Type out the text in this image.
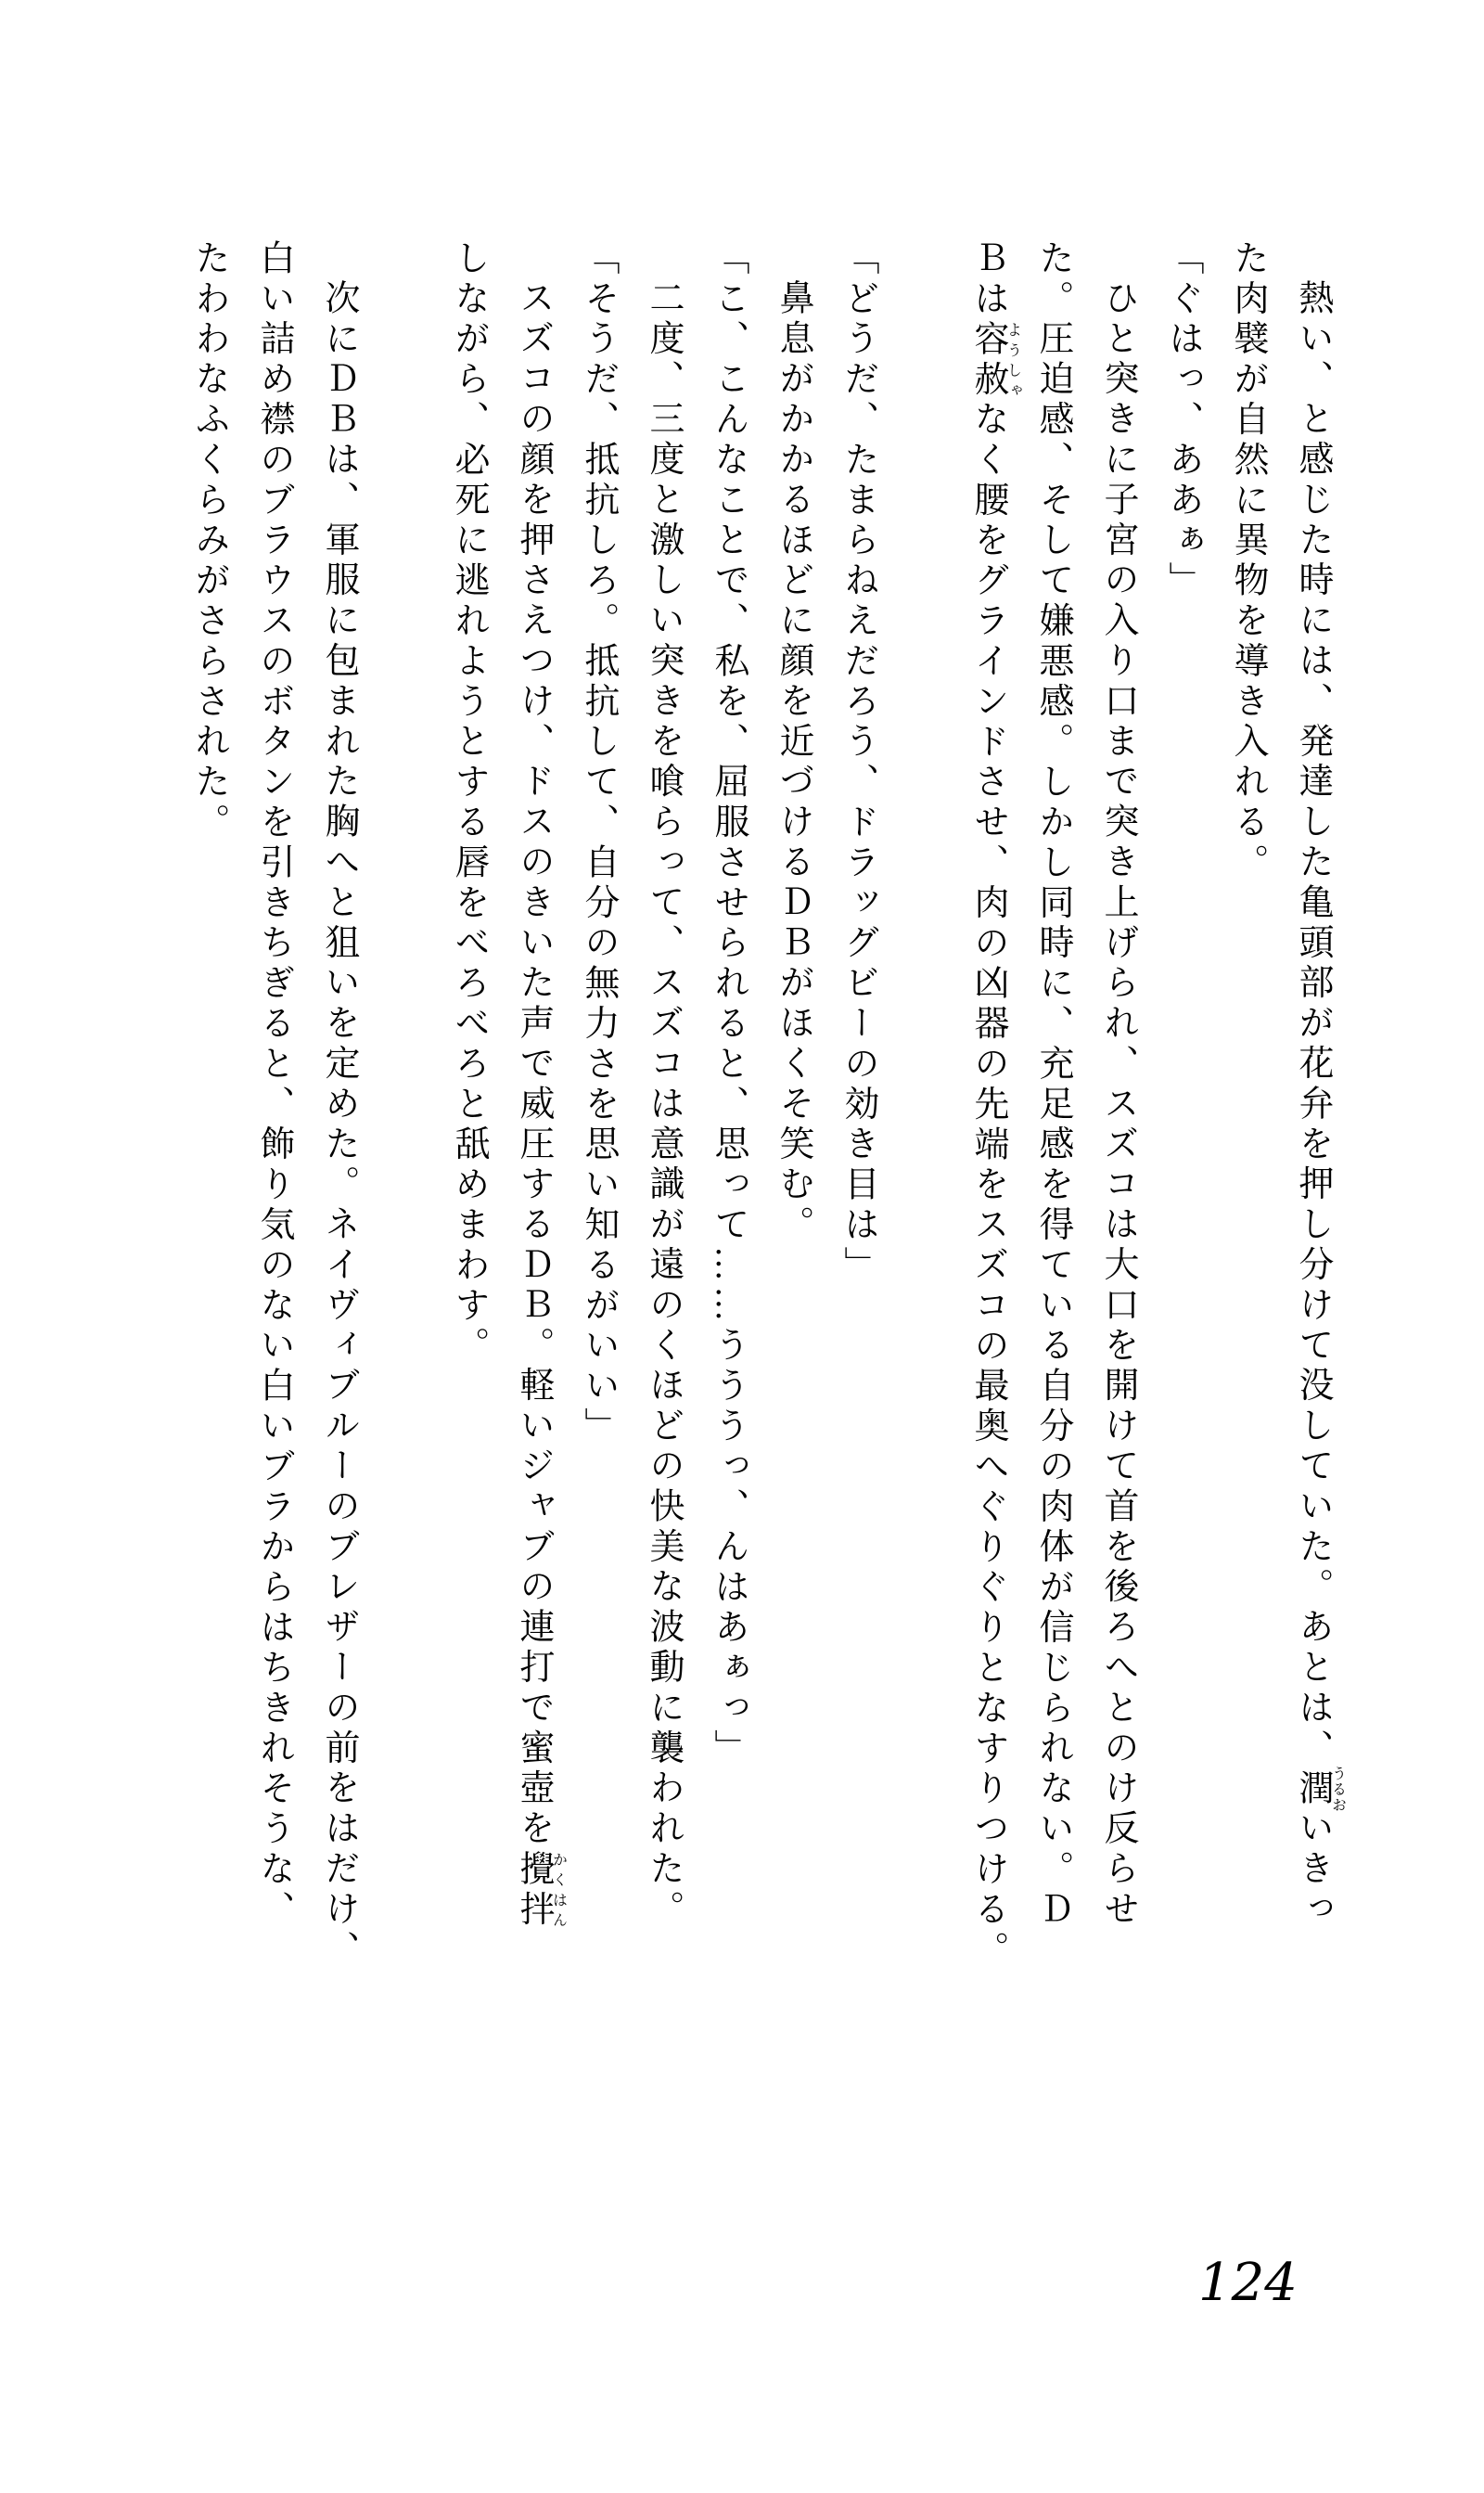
熱い、と感じた時には、発達した亀頭部が花弁を押し分けて没していた。あとは、潤うるおいきっ
た肉襞が自然に異物を導き入れる。
「ぐはっ、ああぁ」
ひと突きに子宮の入り口まで突き上げられ、スズコは大口を開けて首を後ろへとのけ反らせ
た。圧迫感、そして嫌悪感。しかし同時に、充足感を得ている自分の肉体が信じられない。Ｄ
Ｂは容赦ようしゃなく腰をグラインドさせ、肉の凶器の先端をスズコの最奥へぐりぐりとなすりつける。
「どうだ、たまらねえだろう、ドラッグビーの効き目は」
鼻息がかかるほどに顔を近づけるＤＢがほくそ笑む。
「こ、こんなことで、私を、屈服させられると、思って……うううっ、んはあぁっ」
二度、三度と激しい突きを喰らって、スズコは意識が遠のくほどの快美な波動に襲われた。
「そうだ、抵抗しろ。抵抗して、自分の無力さを思い知るがいい」
スズコの顔を押さえつけ、ドスのきいた声で威圧するＤＢ。軽いジャブの連打で蜜壺を攪拌かくはん
しながら、必死に逃れようとする唇をべろべろと舐めまわす。
次にＤＢは、軍服に包まれた胸へと狙いを定めた。ネイヴィブルーのブレザーの前をはだけ、
白い詰め襟のブラウスのボタンを引きちぎると、飾り気のない白いブラからはちきれそうな、
たわわなふくらみがさらされた。
124
